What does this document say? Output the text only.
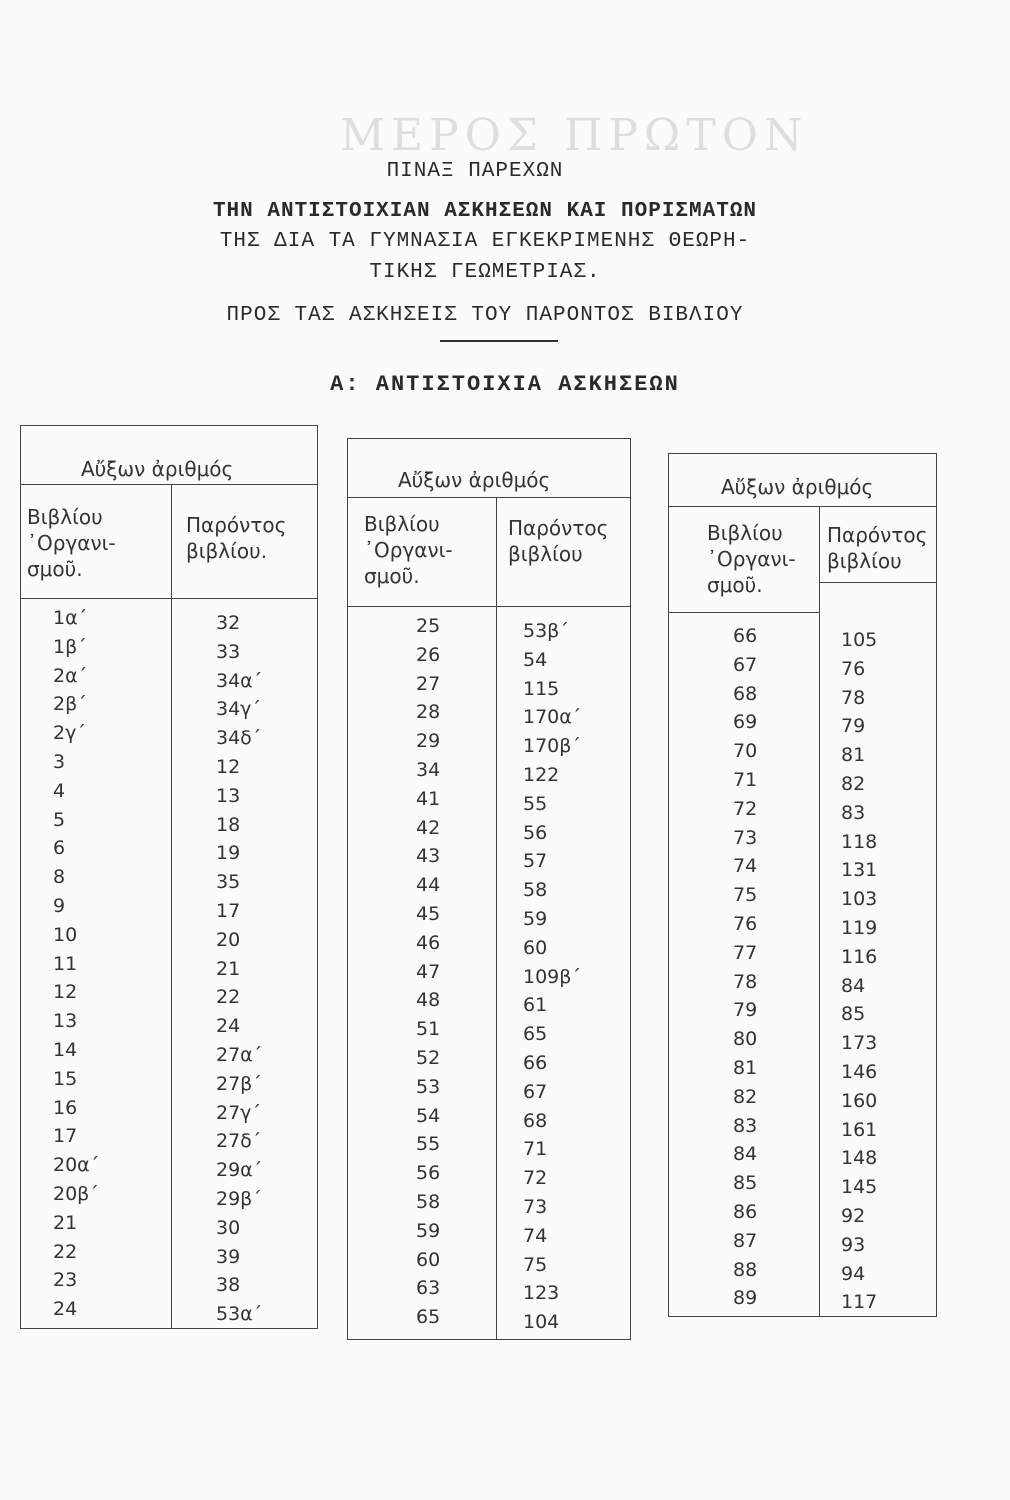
ΜΕΡΟΣ ΠΡΩΤΟΝ
ΠΙΝΑΞ ΠΑΡΕΧΩΝ
ΤΗΝ ΑΝΤΙΣΤΟΙΧΙΑΝ ΑΣΚΗΣΕΩΝ ΚΑΙ ΠΟΡΙΣΜΑΤΩΝ
ΤΗΣ ΔΙΑ ΤΑ ΓΥΜΝΑΣΙΑ ΕΓΚΕΚΡΙΜΕΝΗΣ ΘΕΩΡΗ-
ΤΙΚΗΣ ΓΕΩΜΕΤΡΙΑΣ.
ΠΡΟΣ ΤΑΣ ΑΣΚΗΣΕΙΣ ΤΟΥ ΠΑΡΟΝΤΟΣ ΒΙΒΛΙΟΥ
Α: ΑΝΤΙΣΤΟΙΧΙΑ ΑΣΚΗΣΕΩΝ
Αὔξων ἀριθμός
Βιβλίου
᾿Οργανι-
σμοῦ.
Παρόντος
βιβλίου.
1α΄
1β΄
2α΄
2β΄
2γ΄
3
4
5
6
8
9
10
11
12
13
14
15
16
17
20α΄
20β΄
21
22
23
24
32
33
34α΄
34γ΄
34δ΄
12
13
18
19
35
17
20
21
22
24
27α΄
27β΄
27γ΄
27δ΄
29α΄
29β΄
30
39
38
53α΄
Αὔξων ἀριθμός
Βιβλίου
᾿Οργανι-
σμοῦ.
Παρόντος
βιβλίου
25
26
27
28
29
34
41
42
43
44
45
46
47
48
51
52
53
54
55
56
58
59
60
63
65
53β΄
54
115
170α΄
170β΄
122
55
56
57
58
59
60
109β΄
61
65
66
67
68
71
72
73
74
75
123
104
Αὔξων ἀριθμός
Βιβλίου
᾿Οργανι-
σμοῦ.
Παρόντος
βιβλίου
66
67
68
69
70
71
72
73
74
75
76
77
78
79
80
81
82
83
84
85
86
87
88
89
105
76
78
79
81
82
83
118
131
103
119
116
84
85
173
146
160
161
148
145
92
93
94
117
